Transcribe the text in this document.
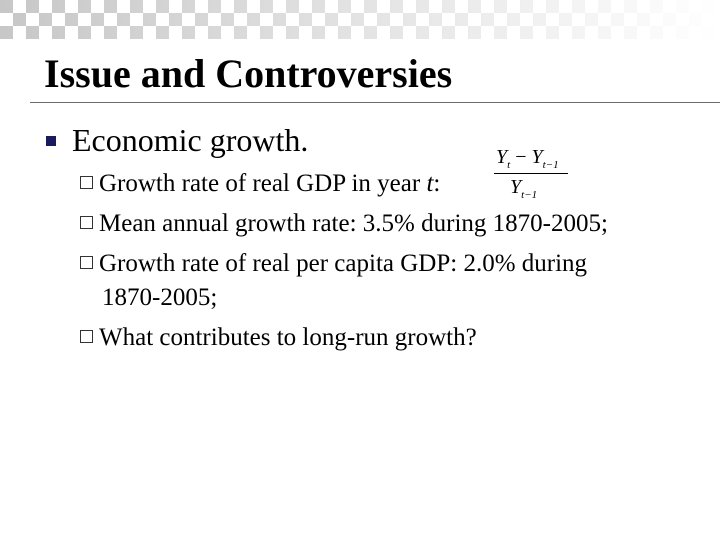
Issue and Controversies
Economic growth.
Growth rate of real GDP in year t:
$Y_t - Y_{t-1}$
$Y_{t-1}$
Mean annual growth rate: 3.5% during 1870-2005;
Growth rate of real per capita GDP: 2.0% during
1870-2005;
What contributes to long-run growth?
